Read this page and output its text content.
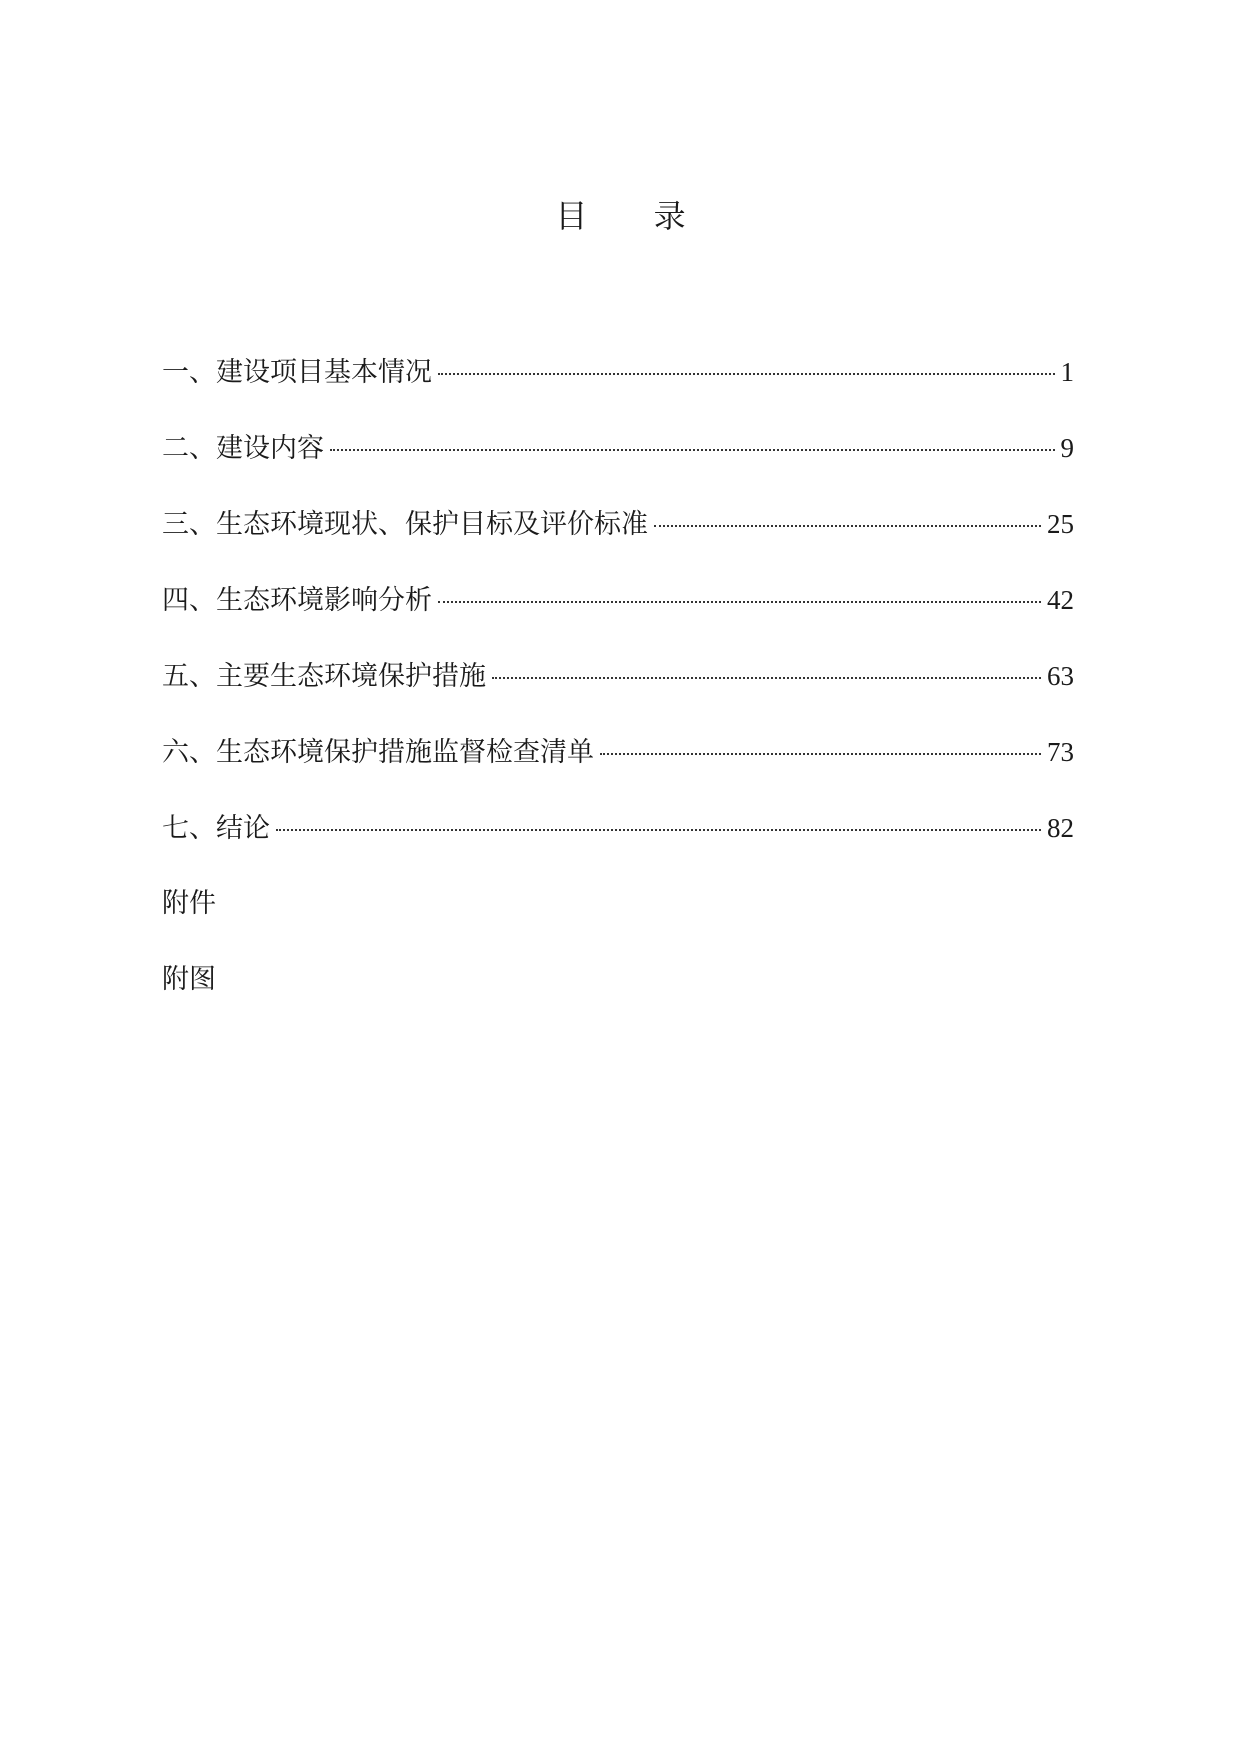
目 录
一、建设项目基本情况	1
二、建设内容	9
三、生态环境现状、保护目标及评价标准	25
四、生态环境影响分析	42
五、主要生态环境保护措施	63
六、生态环境保护措施监督检查清单	73
七、结论	82
附件
附图
